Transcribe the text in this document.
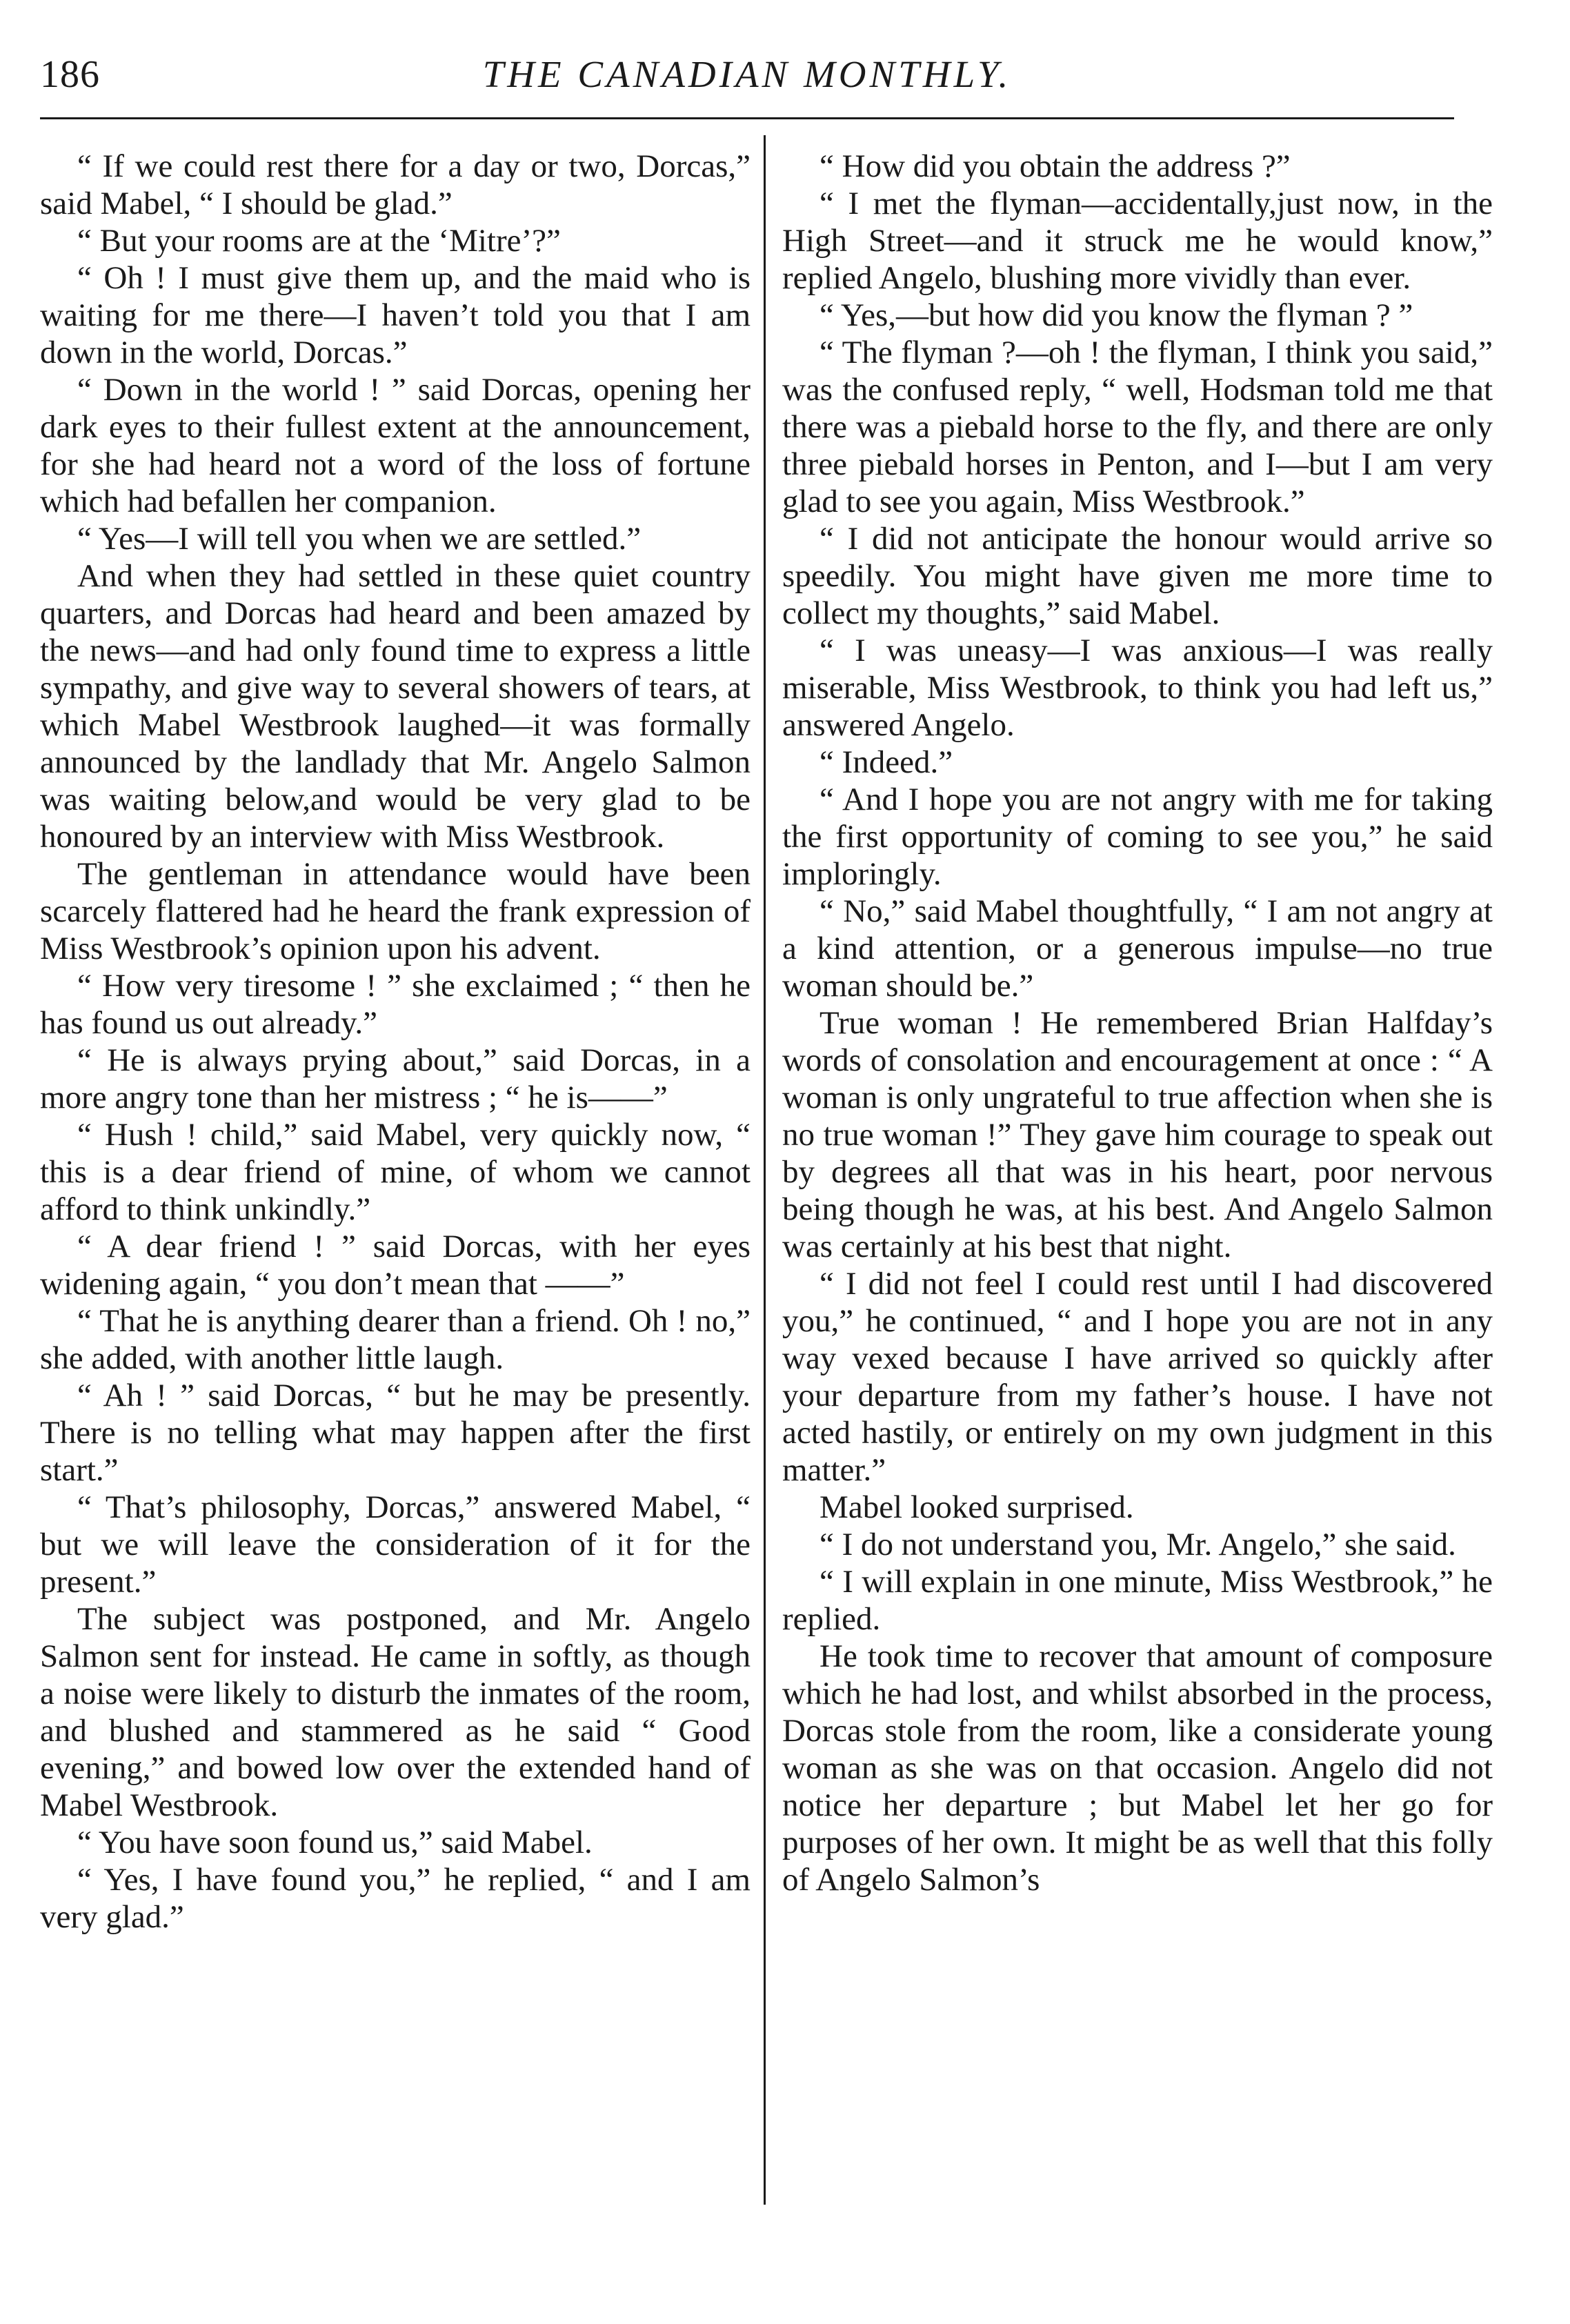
186	THE CANADIAN MONTHLY.

“ If we could rest there for a day or two, Dorcas,” said Mabel, “ I should be glad.”

“ But your rooms are at the ‘Mitre’?”

“ Oh ! I must give them up, and the maid who is waiting for me there—I haven’t told you that I am down in the world, Dorcas.”

“ Down in the world ! ” said Dorcas, opening her dark eyes to their fullest extent at the announcement, for she had heard not a word of the loss of fortune which had befallen her companion.

“ Yes—I will tell you when we are settled.”

And when they had settled in these quiet country quarters, and Dorcas had heard and been amazed by the news—and had only found time to express a little sympathy, and give way to several showers of tears, at which Mabel Westbrook laughed—it was formally announced by the landlady that Mr. Angelo Salmon was waiting below,and would be very glad to be honoured by an interview with Miss Westbrook.

The gentleman in attendance would have been scarcely flattered had he heard the frank expression of Miss Westbrook’s opinion upon his advent.

“ How very tiresome ! ” she exclaimed ; “ then he has found us out already.”

“ He is always prying about,” said Dorcas, in a more angry tone than her mistress ; “ he is——”

“ Hush ! child,” said Mabel, very quickly now, “ this is a dear friend of mine, of whom we cannot afford to think unkindly.”

“ A dear friend ! ” said Dorcas, with her eyes widening again, “ you don’t mean that ——”

“ That he is anything dearer than a friend. Oh ! no,” she added, with another little laugh.

“ Ah ! ” said Dorcas, “ but he may be presently. There is no telling what may happen after the first start.”

“ That’s philosophy, Dorcas,” answered Mabel, “ but we will leave the consideration of it for the present.”

The subject was postponed, and Mr. Angelo Salmon sent for instead. He came in softly, as though a noise were likely to disturb the inmates of the room, and blushed and stammered as he said “ Good evening,” and bowed low over the extended hand of Mabel Westbrook.

“ You have soon found us,” said Mabel.

“ Yes, I have found you,” he replied, “ and I am very glad.”

“ How did you obtain the address ?”

“ I met the flyman—accidentally,just now, in the High Street—and it struck me he would know,” replied Angelo, blushing more vividly than ever.

“ Yes,—but how did you know the flyman ? ”

“ The flyman ?—oh ! the flyman, I think you said,” was the confused reply, “ well, Hodsman told me that there was a piebald horse to the fly, and there are only three piebald horses in Penton, and I—but I am very glad to see you again, Miss Westbrook.”

“ I did not anticipate the honour would arrive so speedily. You might have given me more time to collect my thoughts,” said Mabel.

“ I was uneasy—I was anxious—I was really miserable, Miss Westbrook, to think you had left us,” answered Angelo.

“ Indeed.”

“ And I hope you are not angry with me for taking the first opportunity of coming to see you,” he said imploringly.

“ No,” said Mabel thoughtfully, “ I am not angry at a kind attention, or a generous impulse—no true woman should be.”

True woman ! He remembered Brian Halfday’s words of consolation and encouragement at once : “ A woman is only ungrateful to true affection when she is no true woman !” They gave him courage to speak out by degrees all that was in his heart, poor nervous being though he was, at his best. And Angelo Salmon was certainly at his best that night.

“ I did not feel I could rest until I had discovered you,” he continued, “ and I hope you are not in any way vexed because I have arrived so quickly after your departure from my father’s house. I have not acted hastily, or entirely on my own judgment in this matter.”

Mabel looked surprised.

“ I do not understand you, Mr. Angelo,” she said.

“ I will explain in one minute, Miss Westbrook,” he replied.

He took time to recover that amount of composure which he had lost, and whilst absorbed in the process, Dorcas stole from the room, like a considerate young woman as she was on that occasion. Angelo did not notice her departure ; but Mabel let her go for purposes of her own. It might be as well that this folly of Angelo Salmon’s
